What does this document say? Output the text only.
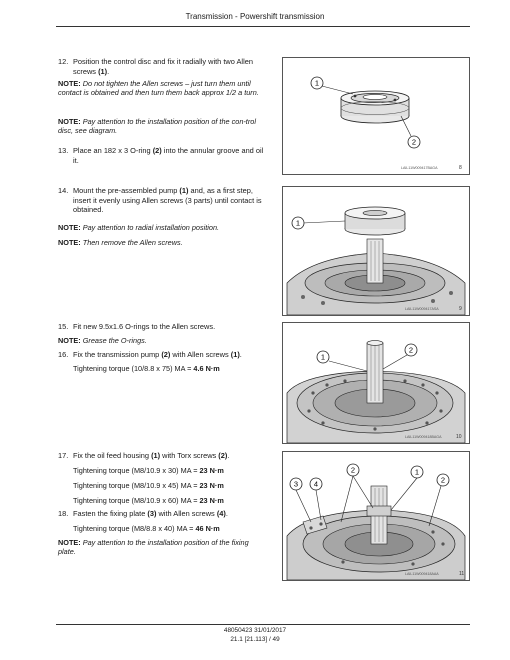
Transmission - Powershift transmission
12. Position the control disc and fix it radially with two Allen screws (1).
NOTE: Do not tighten the Allen screws – just turn them until contact is obtained and then turn them back approx 1/2 a turn.
NOTE: Pay attention to the installation position of the con-trol disc, see diagram.
13. Place an 182 x 3 O-ring (2) into the annular groove and oil it.
1
2
LAIL11W009417BAGA	8
14. Mount the pre-assembled pump (1) and, as a first step, insert it evenly using Allen screws (3 parts) until contact is obtained.
NOTE: Pay attention to radial installation position.
NOTE: Then remove the Allen screws.
1
LAIL11W009417ASA	9
15. Fit new 9.5x1.6 O-rings to the Allen screws.
NOTE: Grease the O-rings.
16. Fix the transmission pump (2) with Allen screws (1).
Tightening torque (10/8.8 x 75) MA = 4.6 N·m
1
2
LAIL11W009418BAGA	10
17. Fix the oil feed housing (1) with Torx screws (2).
Tightening torque (M8/10.9 x 30) MA = 23 N·m
Tightening torque (M8/10.9 x 45) MA = 23 N·m
Tightening torque (M8/10.9 x 60) MA = 23 N·m
18. Fasten the fixing plate (3) with Allen screws (4).
Tightening torque (M8/8.8 x 40) MA = 46 N·m
NOTE: Pay attention to the installation position of the fixing plate.
2	1
3 4	2
LAIL11W009418AAA	11
48050423 31/01/2017
21.1 [21.113] / 49
